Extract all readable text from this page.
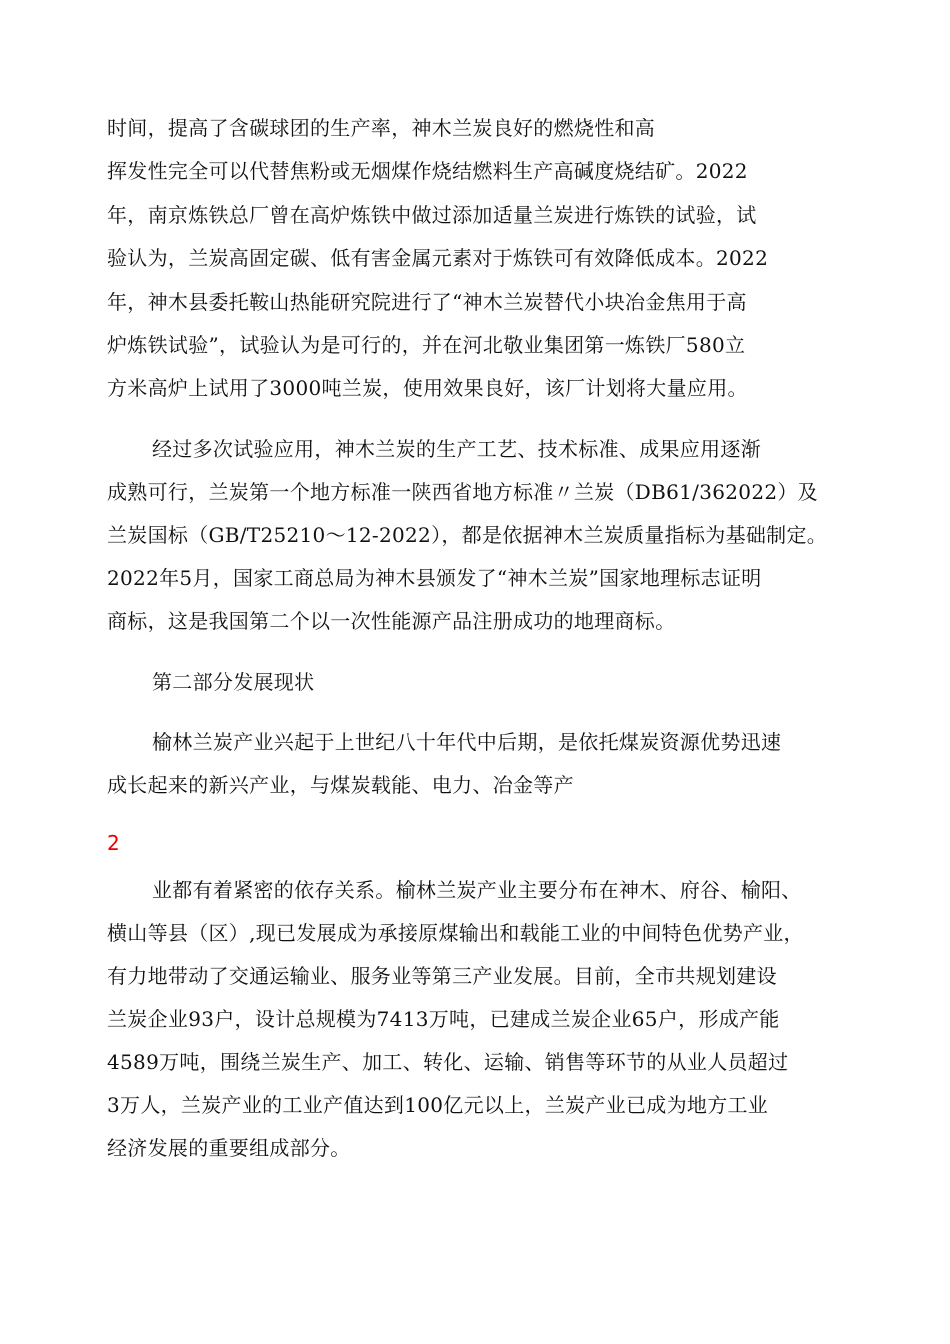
时间，提高了含碳球团的生产率，神木兰炭良好的燃烧性和高
挥发性完全可以代替焦粉或无烟煤作烧结燃料生产高碱度烧结矿。2022
年，南京炼铁总厂曾在高炉炼铁中做过添加适量兰炭进行炼铁的试验，试
验认为，兰炭高固定碳、低有害金属元素对于炼铁可有效降低成本。2022
年，神木县委托鞍山热能研究院进行了“神木兰炭替代小块冶金焦用于高
炉炼铁试验”，试验认为是可行的，并在河北敬业集团第一炼铁厂580立
方米高炉上试用了3000吨兰炭，使用效果良好，该厂计划将大量应用。
经过多次试验应用，神木兰炭的生产工艺、技术标准、成果应用逐渐
成熟可行，兰炭第一个地方标准一陕西省地方标准〃兰炭（DB61/362022）及
兰炭国标（GB/T25210〜12-2022），都是依据神木兰炭质量指标为基础制定。
2022年5月，国家工商总局为神木县颁发了“神木兰炭”国家地理标志证明
商标，这是我国第二个以一次性能源产品注册成功的地理商标。
第二部分发展现状
榆林兰炭产业兴起于上世纪八十年代中后期，是依托煤炭资源优势迅速
成长起来的新兴产业，与煤炭载能、电力、冶金等产
2
业都有着紧密的依存关系。榆林兰炭产业主要分布在神木、府谷、榆阳、
横山等县（区）,现已发展成为承接原煤输出和载能工业的中间特色优势产业，
有力地带动了交通运输业、服务业等第三产业发展。目前，全市共规划建设
兰炭企业93户，设计总规模为7413万吨，已建成兰炭企业65户，形成产能
4589万吨，围绕兰炭生产、加工、转化、运输、销售等环节的从业人员超过
3万人，兰炭产业的工业产值达到100亿元以上，兰炭产业已成为地方工业
经济发展的重要组成部分。
